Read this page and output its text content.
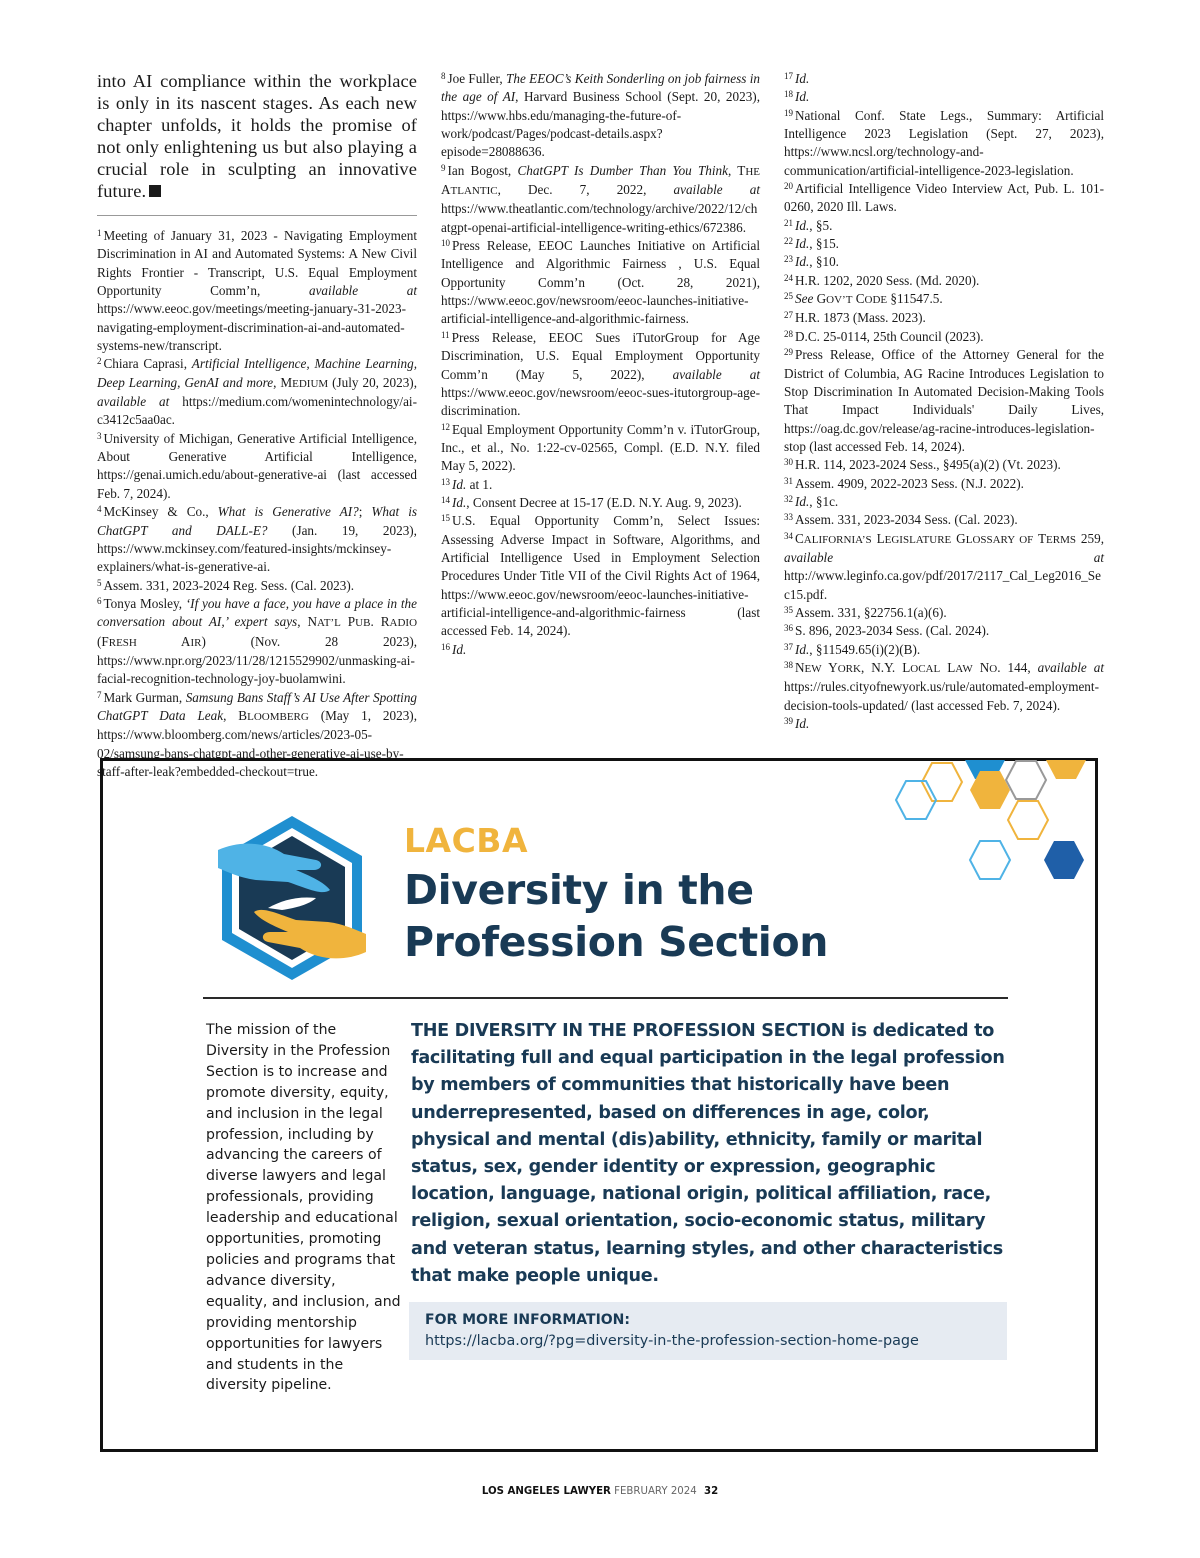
into AI compliance within the workplace is only in its nascent stages. As each new chapter unfolds, it holds the promise of not only enlightening us but also playing a crucial role in sculpting an innovative future.

$^1$ Meeting of January 31, 2023 - Navigating Employment Discrimination in AI and Automated Systems: A New Civil Rights Frontier - Transcript, U.S. Equal Employment Opportunity Comm’n, available at https://www.eeoc.gov/meetings/meeting-january-31-2023-navigating-employment-discrimination-ai-and-automated-systems-new/transcript.

$^2$ Chiara Caprasi, Artificial Intelligence, Machine Learning, Deep Learning, GenAI and more, MEDIUM (July 20, 2023), available at https://medium.com/womenintechnology/ai-c3412c5aa0ac.

$^3$ University of Michigan, Generative Artificial Intelligence, About Generative Artificial Intelligence, https://genai.umich.edu/about-generative-ai (last accessed Feb. 7, 2024).

$^4$ McKinsey & Co., What is Generative AI?; What is ChatGPT and DALL-E? (Jan. 19, 2023), https://www.mckinsey.com/featured-insights/mckinsey-explainers/what-is-generative-ai.

$^5$ Assem. 331, 2023-2024 Reg. Sess. (Cal. 2023).

$^6$ Tonya Mosley, ‘If you have a face, you have a place in the conversation about AI,’ expert says, NAT’L PUB. RADIO (FRESH AIR) (Nov. 28 2023), https://www.npr.org/2023/11/28/1215529902/unmasking-ai-facial-recognition-technology-joy-buolamwini.

$^7$ Mark Gurman, Samsung Bans Staff’s AI Use After Spotting ChatGPT Data Leak, BLOOMBERG (May 1, 2023), https://www.bloomberg.com/news/articles/2023-05-02/samsung-bans-chatgpt-and-other-generative-ai-use-by-staff-after-leak?embedded-checkout=true.

$^8$ Joe Fuller, The EEOC’s Keith Sonderling on job fairness in the age of AI, Harvard Business School (Sept. 20, 2023), https://www.hbs.edu/managing-the-future-of-work/podcast/Pages/podcast-details.aspx?episode=28088636.

$^9$ Ian Bogost, ChatGPT Is Dumber Than You Think, THE ATLANTIC, Dec. 7, 2022, available at https://www.theatlantic.com/technology/archive/2022/12/chatgpt-openai-artificial-intelligence-writing-ethics/672386.

$^{10}$ Press Release, EEOC Launches Initiative on Artificial Intelligence and Algorithmic Fairness , U.S. Equal Opportunity Comm’n (Oct. 28, 2021), https://www.eeoc.gov/newsroom/eeoc-launches-initiative-artificial-intelligence-and-algorithmic-fairness.

$^{11}$ Press Release, EEOC Sues iTutorGroup for Age Discrimination, U.S. Equal Employment Opportunity Comm’n (May 5, 2022), available at https://www.eeoc.gov/newsroom/eeoc-sues-itutorgroup-age-discrimination.

$^{12}$ Equal Employment Opportunity Comm’n v. iTutorGroup, Inc., et al., No. 1:22-cv-02565, Compl. (E.D. N.Y. filed May 5, 2022).

$^{13}$ Id. at 1.

$^{14}$ Id., Consent Decree at 15-17 (E.D. N.Y. Aug. 9, 2023).

$^{15}$ U.S. Equal Opportunity Comm’n, Select Issues: Assessing Adverse Impact in Software, Algorithms, and Artificial Intelligence Used in Employment Selection Procedures Under Title VII of the Civil Rights Act of 1964, https://www.eeoc.gov/newsroom/eeoc-launches-initiative-artificial-intelligence-and-algorithmic-fairness (last accessed Feb. 14, 2024).

$^{16}$ Id.

$^{17}$ Id.

$^{18}$ Id.

$^{19}$ National Conf. State Legs., Summary: Artificial Intelligence 2023 Legislation (Sept. 27, 2023), https://www.ncsl.org/technology-and-communication/artificial-intelligence-2023-legislation.

$^{20}$ Artificial Intelligence Video Interview Act, Pub. L. 101-0260, 2020 Ill. Laws.

$^{21}$ Id., §5.

$^{22}$ Id., §15.

$^{23}$ Id., §10.

$^{24}$ H.R. 1202, 2020 Sess. (Md. 2020).

$^{25}$ See GOV’T CODE §11547.5.

$^{27}$ H.R. 1873 (Mass. 2023).

$^{28}$ D.C. 25-0114, 25th Council (2023).

$^{29}$ Press Release, Office of the Attorney General for the District of Columbia, AG Racine Introduces Legislation to Stop Discrimination In Automated Decision-Making Tools That Impact Individuals' Daily Lives, https://oag.dc.gov/release/ag-racine-introduces-legislation-stop (last accessed Feb. 14, 2024).

$^{30}$ H.R. 114, 2023-2024 Sess., §495(a)(2) (Vt. 2023).

$^{31}$ Assem. 4909, 2022-2023 Sess. (N.J. 2022).

$^{32}$ Id., §1c.

$^{33}$ Assem. 331, 2023-2034 Sess. (Cal. 2023).

$^{34}$ CALIFORNIA’S LEGISLATURE GLOSSARY OF TERMS 259, available at http://www.leginfo.ca.gov/pdf/2017/2117_Cal_Leg2016_Sec15.pdf.

$^{35}$ Assem. 331, §22756.1(a)(6).

$^{36}$ S. 896, 2023-2034 Sess. (Cal. 2024).

$^{37}$ Id., §11549.65(i)(2)(B).

$^{38}$ NEW YORK, N.Y. LOCAL LAW NO. 144, available at https://rules.cityofnewyork.us/rule/automated-employment-decision-tools-updated/ (last accessed Feb. 7, 2024).

$^{39}$ Id.

LACBA
Diversity in the
Profession Section
The mission of the Diversity in the Profession Section is to increase and promote diversity, equity, and inclusion in the legal profession, including by advancing the careers of diverse lawyers and legal professionals, providing leadership and educational opportunities, promoting policies and programs that advance diversity, equality, and inclusion, and providing mentorship opportunities for lawyers and students in the diversity pipeline.
THE DIVERSITY IN THE PROFESSION SECTION is dedicated to facilitating full and equal participation in the legal profession by members of communities that historically have been underrepresented, based on differences in age, color, physical and mental (dis)ability, ethnicity, family or marital status, sex, gender identity or expression, geographic location, language, national origin, political affiliation, race, religion, sexual orientation, socio-economic status, military and veteran status, learning styles, and other characteristics that make people unique.
FOR MORE INFORMATION:
https://lacba.org/?pg=diversity-in-the-profession-section-home-page
LOS ANGELES LAWYER FEBRUARY 2024 32
